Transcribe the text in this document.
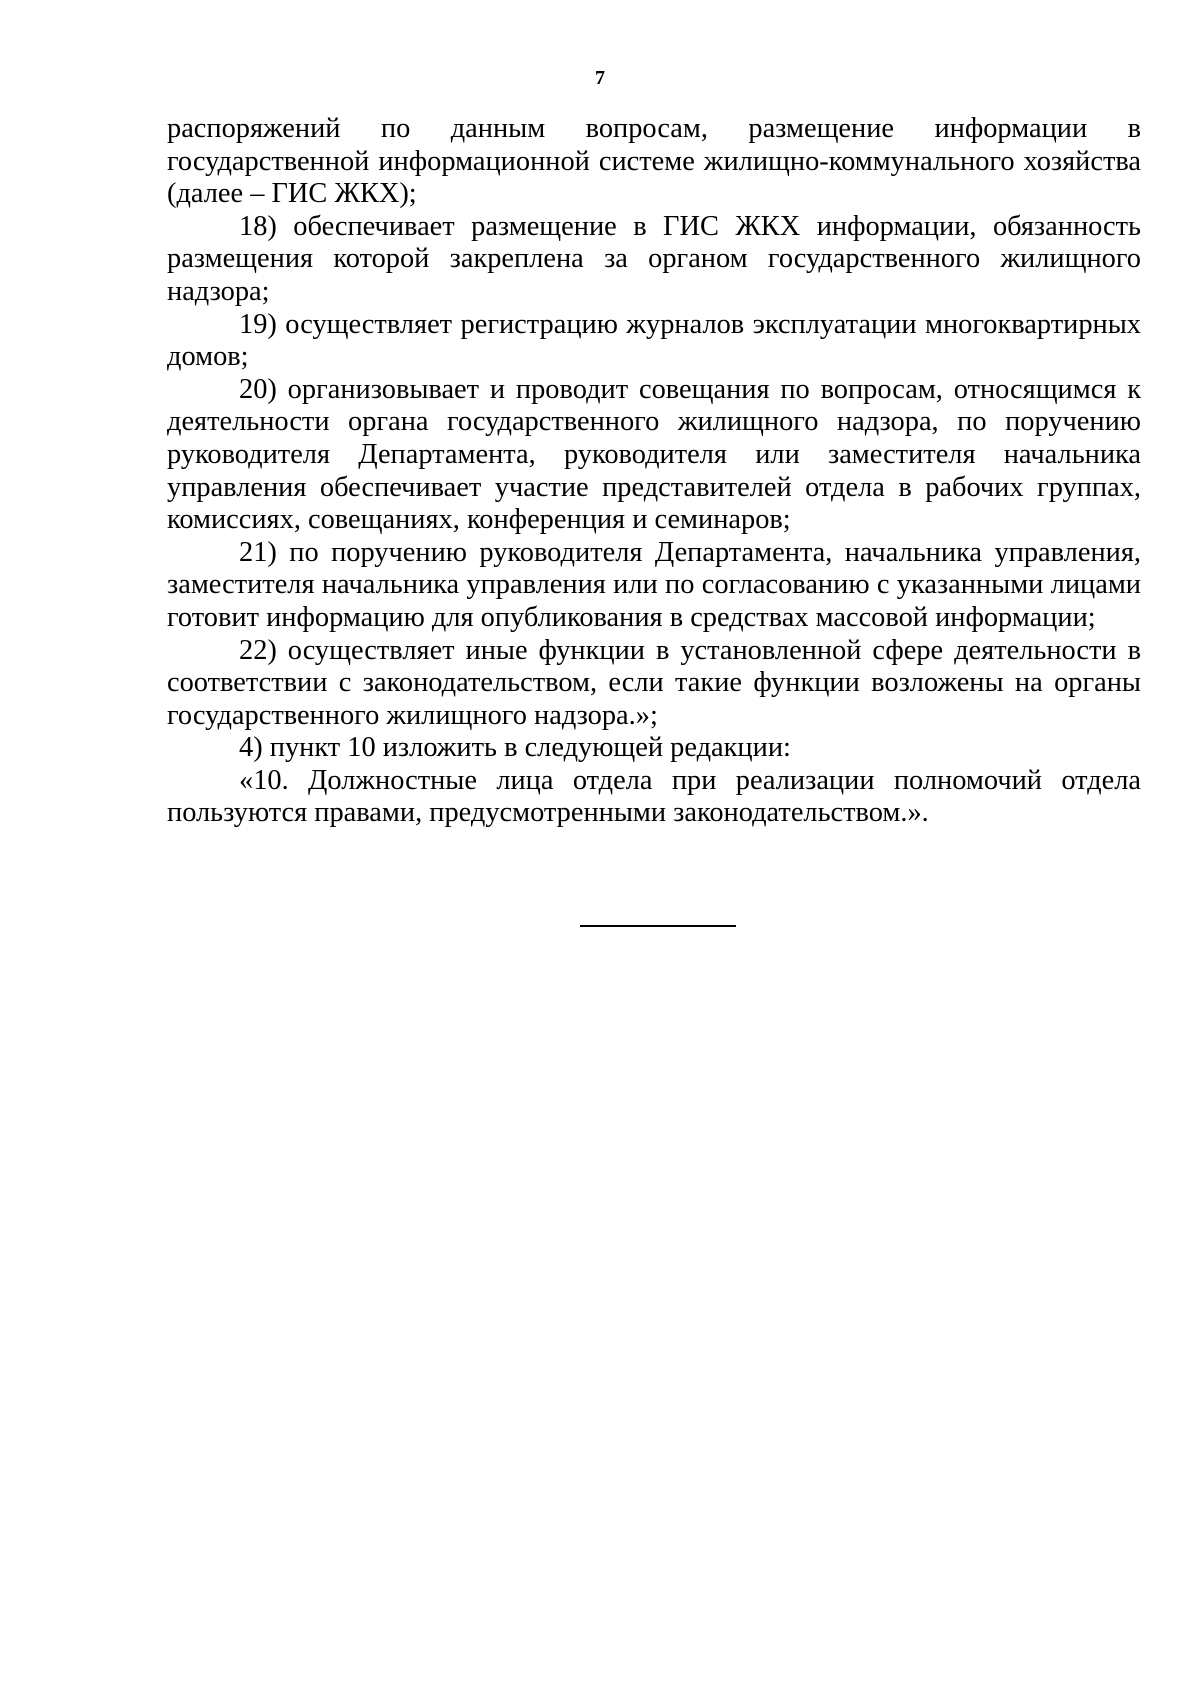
7

распоряжений по данным вопросам, размещение информации в государственной информационной системе жилищно-коммунального хозяйства (далее – ГИС ЖКХ);

18) обеспечивает размещение в ГИС ЖКХ информации, обязанность размещения которой закреплена за органом государственного жилищного надзора;

19) осуществляет регистрацию журналов эксплуатации многоквартирных домов;

20) организовывает и проводит совещания по вопросам, относящимся к деятельности органа государственного жилищного надзора, по поручению руководителя Департамента, руководителя или заместителя начальника управления обеспечивает участие представителей отдела в рабочих группах, комиссиях, совещаниях, конференция и семинаров;

21) по поручению руководителя Департамента, начальника управления, заместителя начальника управления или по согласованию с указанными лицами готовит информацию для опубликования в средствах массовой информации;

22) осуществляет иные функции в установленной сфере деятельности в соответствии с законодательством, если такие функции возложены на органы государственного жилищного надзора.»;

4) пункт 10 изложить в следующей редакции:

«10. Должностные лица отдела при реализации полномочий отдела пользуются правами, предусмотренными законодательством.».
